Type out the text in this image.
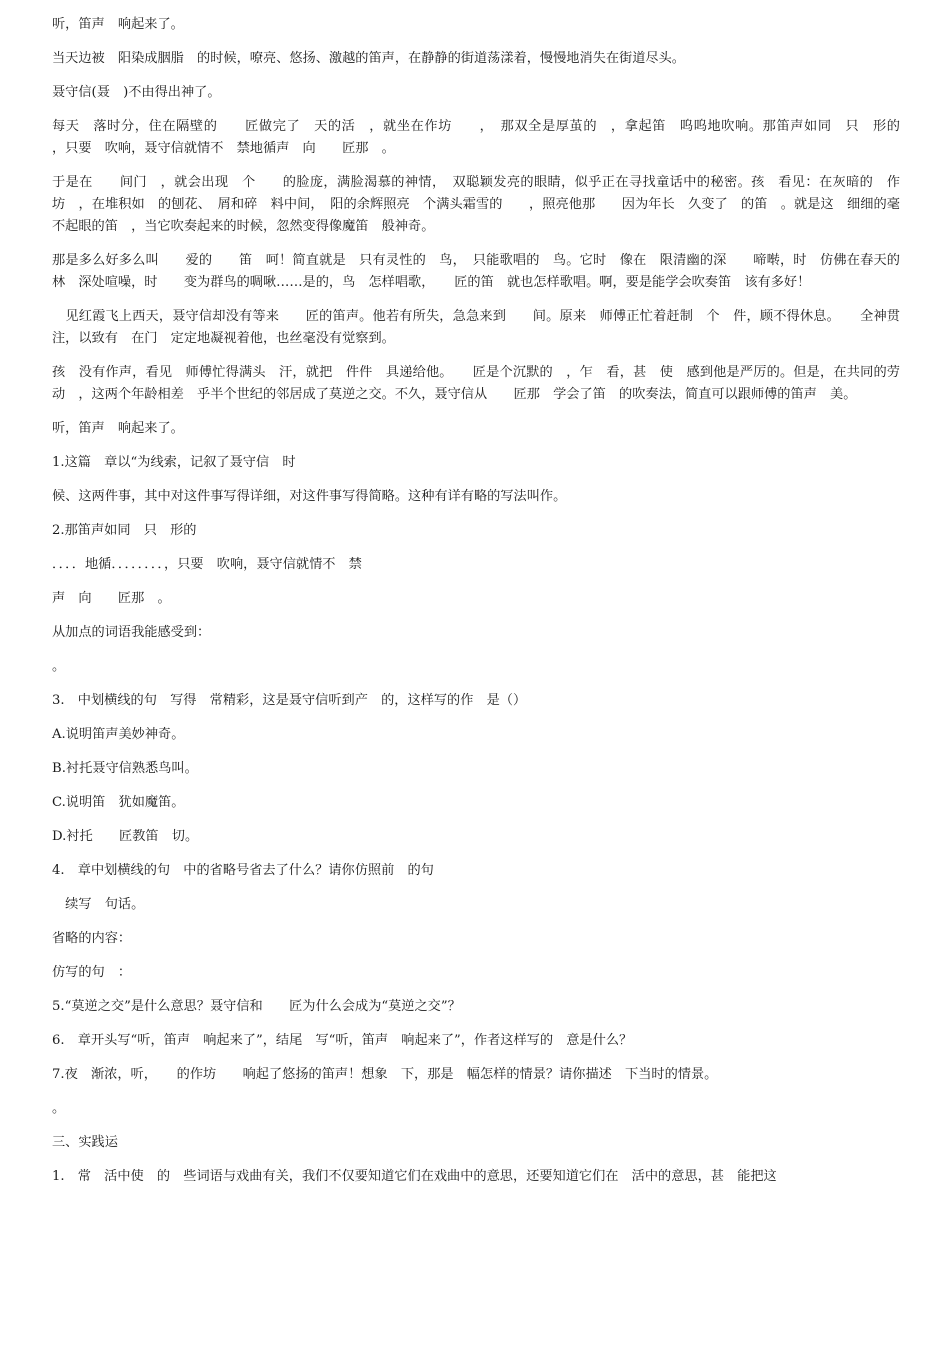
听，笛声　响起来了。

当天边被　阳染成胭脂　的时候，嘹亮、悠扬、激越的笛声，在静静的街道荡漾着，慢慢地消失在街道尽头。

聂守信(聂　)不由得出神了。

每天　落时分，住在隔壁的　　匠做完了　天的活　，就坐在作坊　　，　那双全是厚茧的　，拿起笛　呜呜地吹响。那笛声如同　只　形的　　，只要　吹响，聂守信就情不　禁地循声　向　　匠那　。

于是在　　间门　，就会出现　个　　的脸庞，满脸渴慕的神情，　双聪颖发亮的眼睛，似乎正在寻找童话中的秘密。孩　看见：在灰暗的　作坊　，在堆积如　的刨花、　屑和碎　料中间，　阳的余辉照亮　个满头霜雪的　　，照亮他那　　因为年长　久变了　的笛　。就是这　细细的毫不起眼的笛　，当它吹奏起来的时候，忽然变得像魔笛　般神奇。

那是多么好多么叫　　爱的　　笛　呵！简直就是　只有灵性的　鸟，　只能歌唱的　鸟。它时　像在　限清幽的深　　啼啭，时　仿佛在春天的林　深处喧噪，时　　变为群鸟的啁啾……是的，鸟　怎样唱歌，　　匠的笛　就也怎样歌唱。啊，要是能学会吹奏笛　该有多好！

　见红霞飞上西天，聂守信却没有等来　　匠的笛声。他若有所失，急急来到　　间。原来　师傅正忙着赶制　个　件，顾不得休息。　　全神贯注，以致有　在门　定定地凝视着他，也丝毫没有觉察到。

孩　没有作声，看见　师傅忙得满头　汗，就把　件件　具递给他。　　匠是个沉默的　，乍　看，甚　使　感到他是严厉的。但是，在共同的劳动　，这两个年龄相差　乎半个世纪的邻居成了莫逆之交。不久，聂守信从　　匠那　学会了笛　的吹奏法，简直可以跟师傅的笛声　美。

听，笛声　响起来了。

1.这篇　章以“为线索，记叙了聂守信　时

候、这两件事，其中对这件事写得详细，对这件事写得简略。这种有详有略的写法叫作。

2.那笛声如同　只　形的

．．．．地循．．．．．．．．，只要　吹响，聂守信就情不　禁

声　向　　匠那　。

从加点的词语我能感受到：

。

3.　中划横线的句　写得　常精彩，这是聂守信听到产　的，这样写的作　是（）

A.说明笛声美妙神奇。

B.衬托聂守信熟悉鸟叫。

C.说明笛　犹如魔笛。

D.衬托　　匠教笛　切。

4.　章中划横线的句　中的省略号省去了什么？请你仿照前　的句

　续写　句话。

省略的内容：

仿写的句　：

5.“莫逆之交”是什么意思？聂守信和　　匠为什么会成为“莫逆之交”？

6.　章开头写“听，笛声　响起来了”，结尾　写“听，笛声　响起来了”，作者这样写的　意是什么？

7.夜　渐浓，听，　　的作坊　　响起了悠扬的笛声！想象　下，那是　幅怎样的情景？请你描述　下当时的情景。

。

三、实践运

1.　常　活中使　的　些词语与戏曲有关，我们不仅要知道它们在戏曲中的意思，还要知道它们在　活中的意思，甚　能把这
